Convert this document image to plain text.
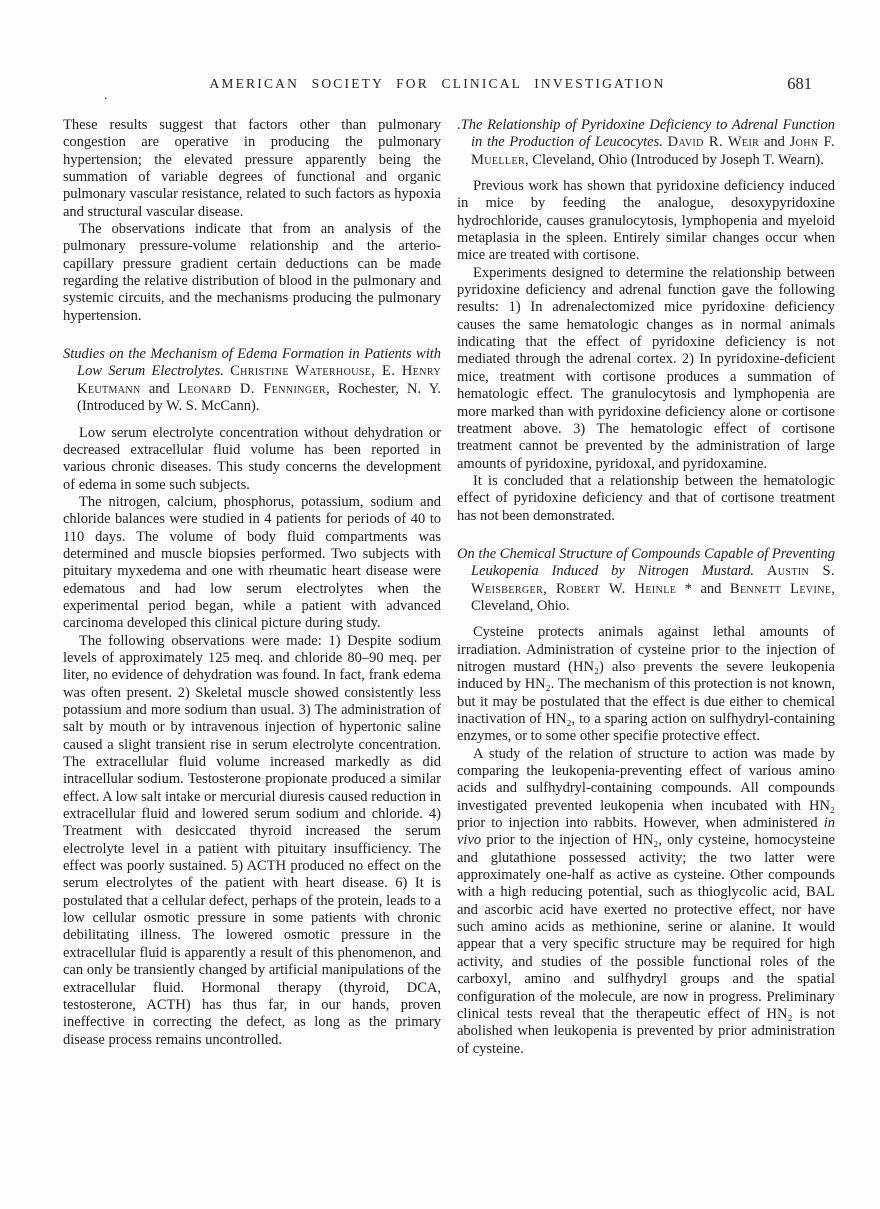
AMERICAN SOCIETY FOR CLINICAL INVESTIGATION	681
.

These results suggest that factors other than pulmonary congestion are operative in producing the pulmonary hypertension; the elevated pressure apparently being the summation of variable degrees of functional and organic pulmonary vascular resistance, related to such factors as hypoxia and structural vascular disease.

The observations indicate that from an analysis of the pulmonary pressure-volume relationship and the arterio-capillary pressure gradient certain deductions can be made regarding the relative distribution of blood in the pulmonary and systemic circuits, and the mechanisms producing the pulmonary hypertension.

Studies on the Mechanism of Edema Formation in Patients with Low Serum Electrolytes. Christine Waterhouse, E. Henry Keutmann and Leonard D. Fenninger, Rochester, N. Y. (Introduced by W. S. McCann).

Low serum electrolyte concentration without dehydration or decreased extracellular fluid volume has been reported in various chronic diseases. This study concerns the development of edema in some such subjects.

The nitrogen, calcium, phosphorus, potassium, sodium and chloride balances were studied in 4 patients for periods of 40 to 110 days. The volume of body fluid compartments was determined and muscle biopsies performed. Two subjects with pituitary myxedema and one with rheumatic heart disease were edematous and had low serum electrolytes when the experimental period began, while a patient with advanced carcinoma developed this clinical picture during study.

The following observations were made: 1) Despite sodium levels of approximately 125 meq. and chloride 80–90 meq. per liter, no evidence of dehydration was found. In fact, frank edema was often present. 2) Skeletal muscle showed consistently less potassium and more sodium than usual. 3) The administration of salt by mouth or by intravenous injection of hypertonic saline caused a slight transient rise in serum electrolyte concentration. The extracellular fluid volume increased markedly as did intracellular sodium. Testosterone propionate produced a similar effect. A low salt intake or mercurial diuresis caused reduction in extracellular fluid and lowered serum sodium and chloride. 4) Treatment with desiccated thyroid increased the serum electrolyte level in a patient with pituitary insufficiency. The effect was poorly sustained. 5) ACTH produced no effect on the serum electrolytes of the patient with heart disease. 6) It is postulated that a cellular defect, perhaps of the protein, leads to a low cellular osmotic pressure in some patients with chronic debilitating illness. The lowered osmotic pressure in the extracellular fluid is apparently a result of this phenomenon, and can only be transiently changed by artificial manipulations of the extracellular fluid. Hormonal therapy (thyroid, DCA, testosterone, ACTH) has thus far, in our hands, proven ineffective in correcting the defect, as long as the primary disease process remains uncontrolled.

.The Relationship of Pyridoxine Deficiency to Adrenal Function in the Production of Leucocytes. David R. Weir and John F. Mueller, Cleveland, Ohio (Introduced by Joseph T. Wearn).

Previous work has shown that pyridoxine deficiency induced in mice by feeding the analogue, desoxypyridoxine hydrochloride, causes granulocytosis, lymphopenia and myeloid metaplasia in the spleen. Entirely similar changes occur when mice are treated with cortisone.

Experiments designed to determine the relationship between pyridoxine deficiency and adrenal function gave the following results: 1) In adrenalectomized mice pyridoxine deficiency causes the same hematologic changes as in normal animals indicating that the effect of pyridoxine deficiency is not mediated through the adrenal cortex. 2) In pyridoxine-deficient mice, treatment with cortisone produces a summation of hematologic effect. The granulocytosis and lymphopenia are more marked than with pyridoxine deficiency alone or cortisone treatment above. 3) The hematologic effect of cortisone treatment cannot be prevented by the administration of large amounts of pyridoxine, pyridoxal, and pyridoxamine.

It is concluded that a relationship between the hematologic effect of pyridoxine deficiency and that of cortisone treatment has not been demonstrated.

On the Chemical Structure of Compounds Capable of Preventing Leukopenia Induced by Nitrogen Mustard. Austin S. Weisberger, Robert W. Heinle * and Bennett Levine, Cleveland, Ohio.

Cysteine protects animals against lethal amounts of irradiation. Administration of cysteine prior to the injection of nitrogen mustard (HN₂) also prevents the severe leukopenia induced by HN₂. The mechanism of this protection is not known, but it may be postulated that the effect is due either to chemical inactivation of HN₂, to a sparing action on sulfhydryl-containing enzymes, or to some other specifie protective effect.

A study of the relation of structure to action was made by comparing the leukopenia-preventing effect of various amino acids and sulfhydryl-containing compounds. All compounds investigated prevented leukopenia when incubated with HN₂ prior to injection into rabbits. However, when administered in vivo prior to the injection of HN₂, only cysteine, homocysteine and glutathione possessed activity; the two latter were approximately one-half as active as cysteine. Other compounds with a high reducing potential, such as thioglycolic acid, BAL and ascorbic acid have exerted no protective effect, nor have such amino acids as methionine, serine or alanine. It would appear that a very specific structure may be required for high activity, and studies of the possible functional roles of the carboxyl, amino and sulfhydryl groups and the spatial configuration of the molecule, are now in progress. Preliminary clinical tests reveal that the therapeutic effect of HN₂ is not abolished when leukopenia is prevented by prior administration of cysteine.
